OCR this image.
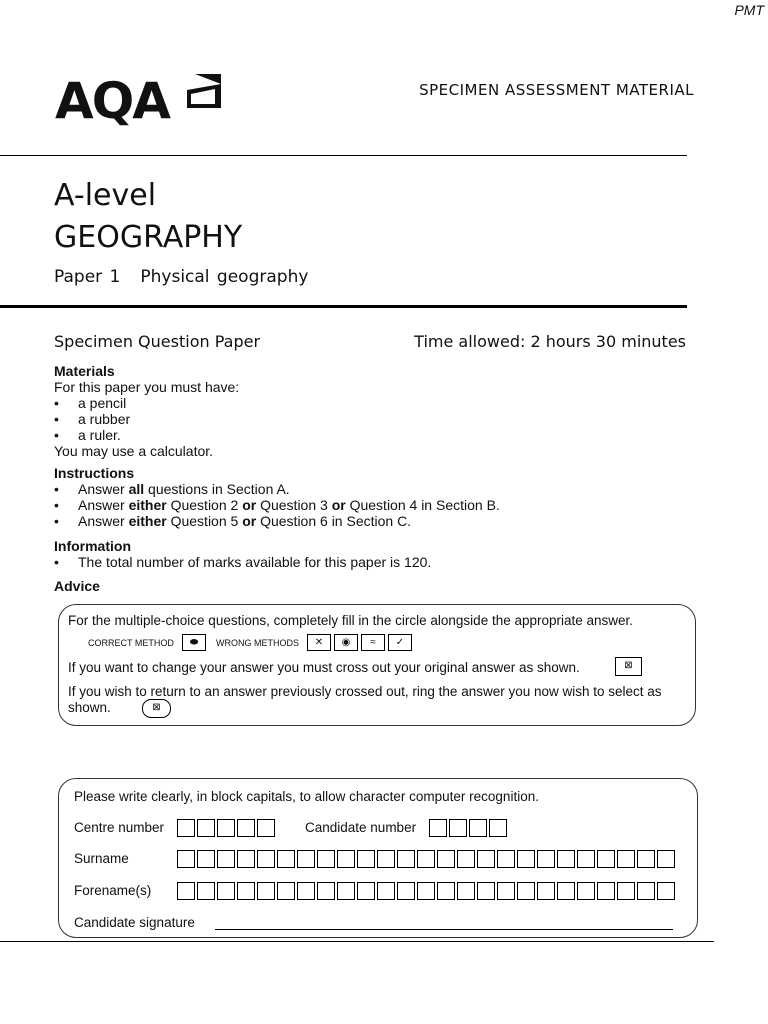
PMT
AQA	SPECIMEN ASSESSMENT MATERIAL
A-level
GEOGRAPHY
Paper 1 Physical geography
Specimen Question Paper	Time allowed: 2 hours 30 minutes
Materials
For this paper you must have:
•	a pencil
•	a rubber
•	a ruler.
You may use a calculator.
Instructions
•	Answer all questions in Section A.
•	Answer either Question 2 or Question 3 or Question 4 in Section B.
•	Answer either Question 5 or Question 6 in Section C.
Information
•	The total number of marks available for this paper is 120.
Advice
For the multiple-choice questions, completely fill in the circle alongside the appropriate answer.
CORRECT METHOD	⬬	WRONG METHODS	✕	◉	≈	✓
If you want to change your answer you must cross out your original answer as shown.	⊠
If you wish to return to an answer previously crossed out, ring the answer you now wish to select as
shown.	⊠
Please write clearly, in block capitals, to allow character computer recognition.
Centre number	Candidate number
Surname
Forename(s)
Candidate signature
